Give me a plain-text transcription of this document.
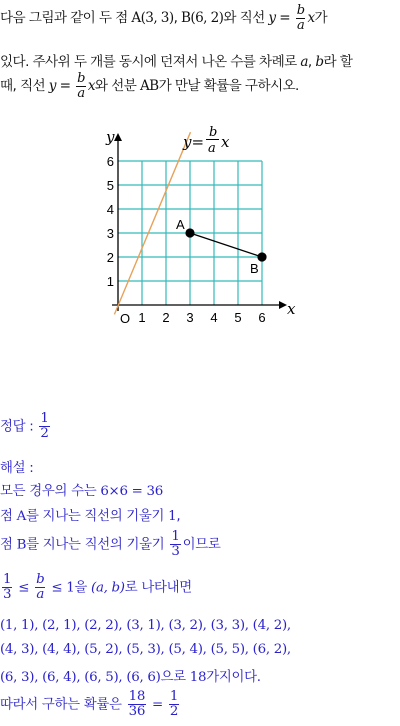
다음 그림과 같이 두 점 A(3, 3), B(6, 2)와 직선 $y = \frac{b}{a}$ x가
있다. 주사위 두 개를 동시에 던져서 나온 수를 차례로 a, b라 할
때, 직선 $y = \frac{b}{a}$ x와 선분 AB가 만날 확률을 구하시오.
1 2 3 4 5 6
1
2
3
4
5
6
A
B
y
x
O
y=
b
a x
정답 : $\frac{1}{2}$
해설 :
모든 경우의 수는 6×6 = 36
점 A를 지나는 직선의 기울기 1,
점 B를 지나는 직선의 기울기 $\frac{1}{3}$ 이므로
$\frac{1}{3} \le \frac{b}{a} \le 1$을 (a, b)로 나타내면
(1, 1), (2, 1), (2, 2), (3, 1), (3, 2), (3, 3), (4, 2),
(4, 3), (4, 4), (5, 2), (5, 3), (5, 4), (5, 5), (6, 2),
(6, 3), (6, 4), (6, 5), (6, 6)으로 18가지이다.
따라서 구하는 확률은 $\frac{18}{36} = \frac{1}{2}$
